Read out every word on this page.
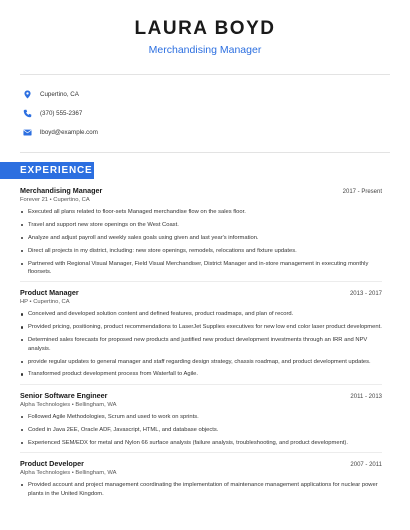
LAURA BOYD
Merchandising Manager
Cupertino, CA
(370) 555-2367
lboyd@example.com
EXPERIENCE
Merchandising Manager	2017 - Present
Forever 21 • Cupertino, CA
Executed all plans related to floor-sets Managed merchandise flow on the sales floor.
Travel and support new store openings on the West Coast.
Analyze and adjust payroll and weekly sales goals using given and last year's information.
Direct all projects in my district, including: new store openings, remodels, relocations and fixture updates.
Partnered with Regional Visual Manager, Field Visual Merchandiser, District Manager and in-store management in executing monthly floorsets.
Product Manager	2013 - 2017
HP • Cupertino, CA
Conceived and developed solution content and defined features, product roadmaps, and plan of record.
Provided pricing, positioning, product recommendations to LaserJet Supplies executives for new low end color laser product development.
Determined sales forecasts for proposed new products and justified new product development investments through an IRR and NPV analysis.
provide regular updates to general manager and staff regarding design strategy, chassis roadmap, and product development updates.
Transformed product development process from Waterfall to Agile.
Senior Software Engineer	2011 - 2013
Alpha Technologies • Bellingham, WA
Followed Agile Methodologies, Scrum and used to work on sprints.
Coded in Java 2EE, Oracle ADF, Javascript, HTML, and database objects.
Experienced SEM/EDX for metal and Nylon 66 surface analysis (failure analysis, troubleshooting, and product development).
Product Developer	2007 - 2011
Alpha Technologies • Bellingham, WA
Provided account and project management coordinating the implementation of maintenance management applications for nuclear power plants in the United Kingdom.
